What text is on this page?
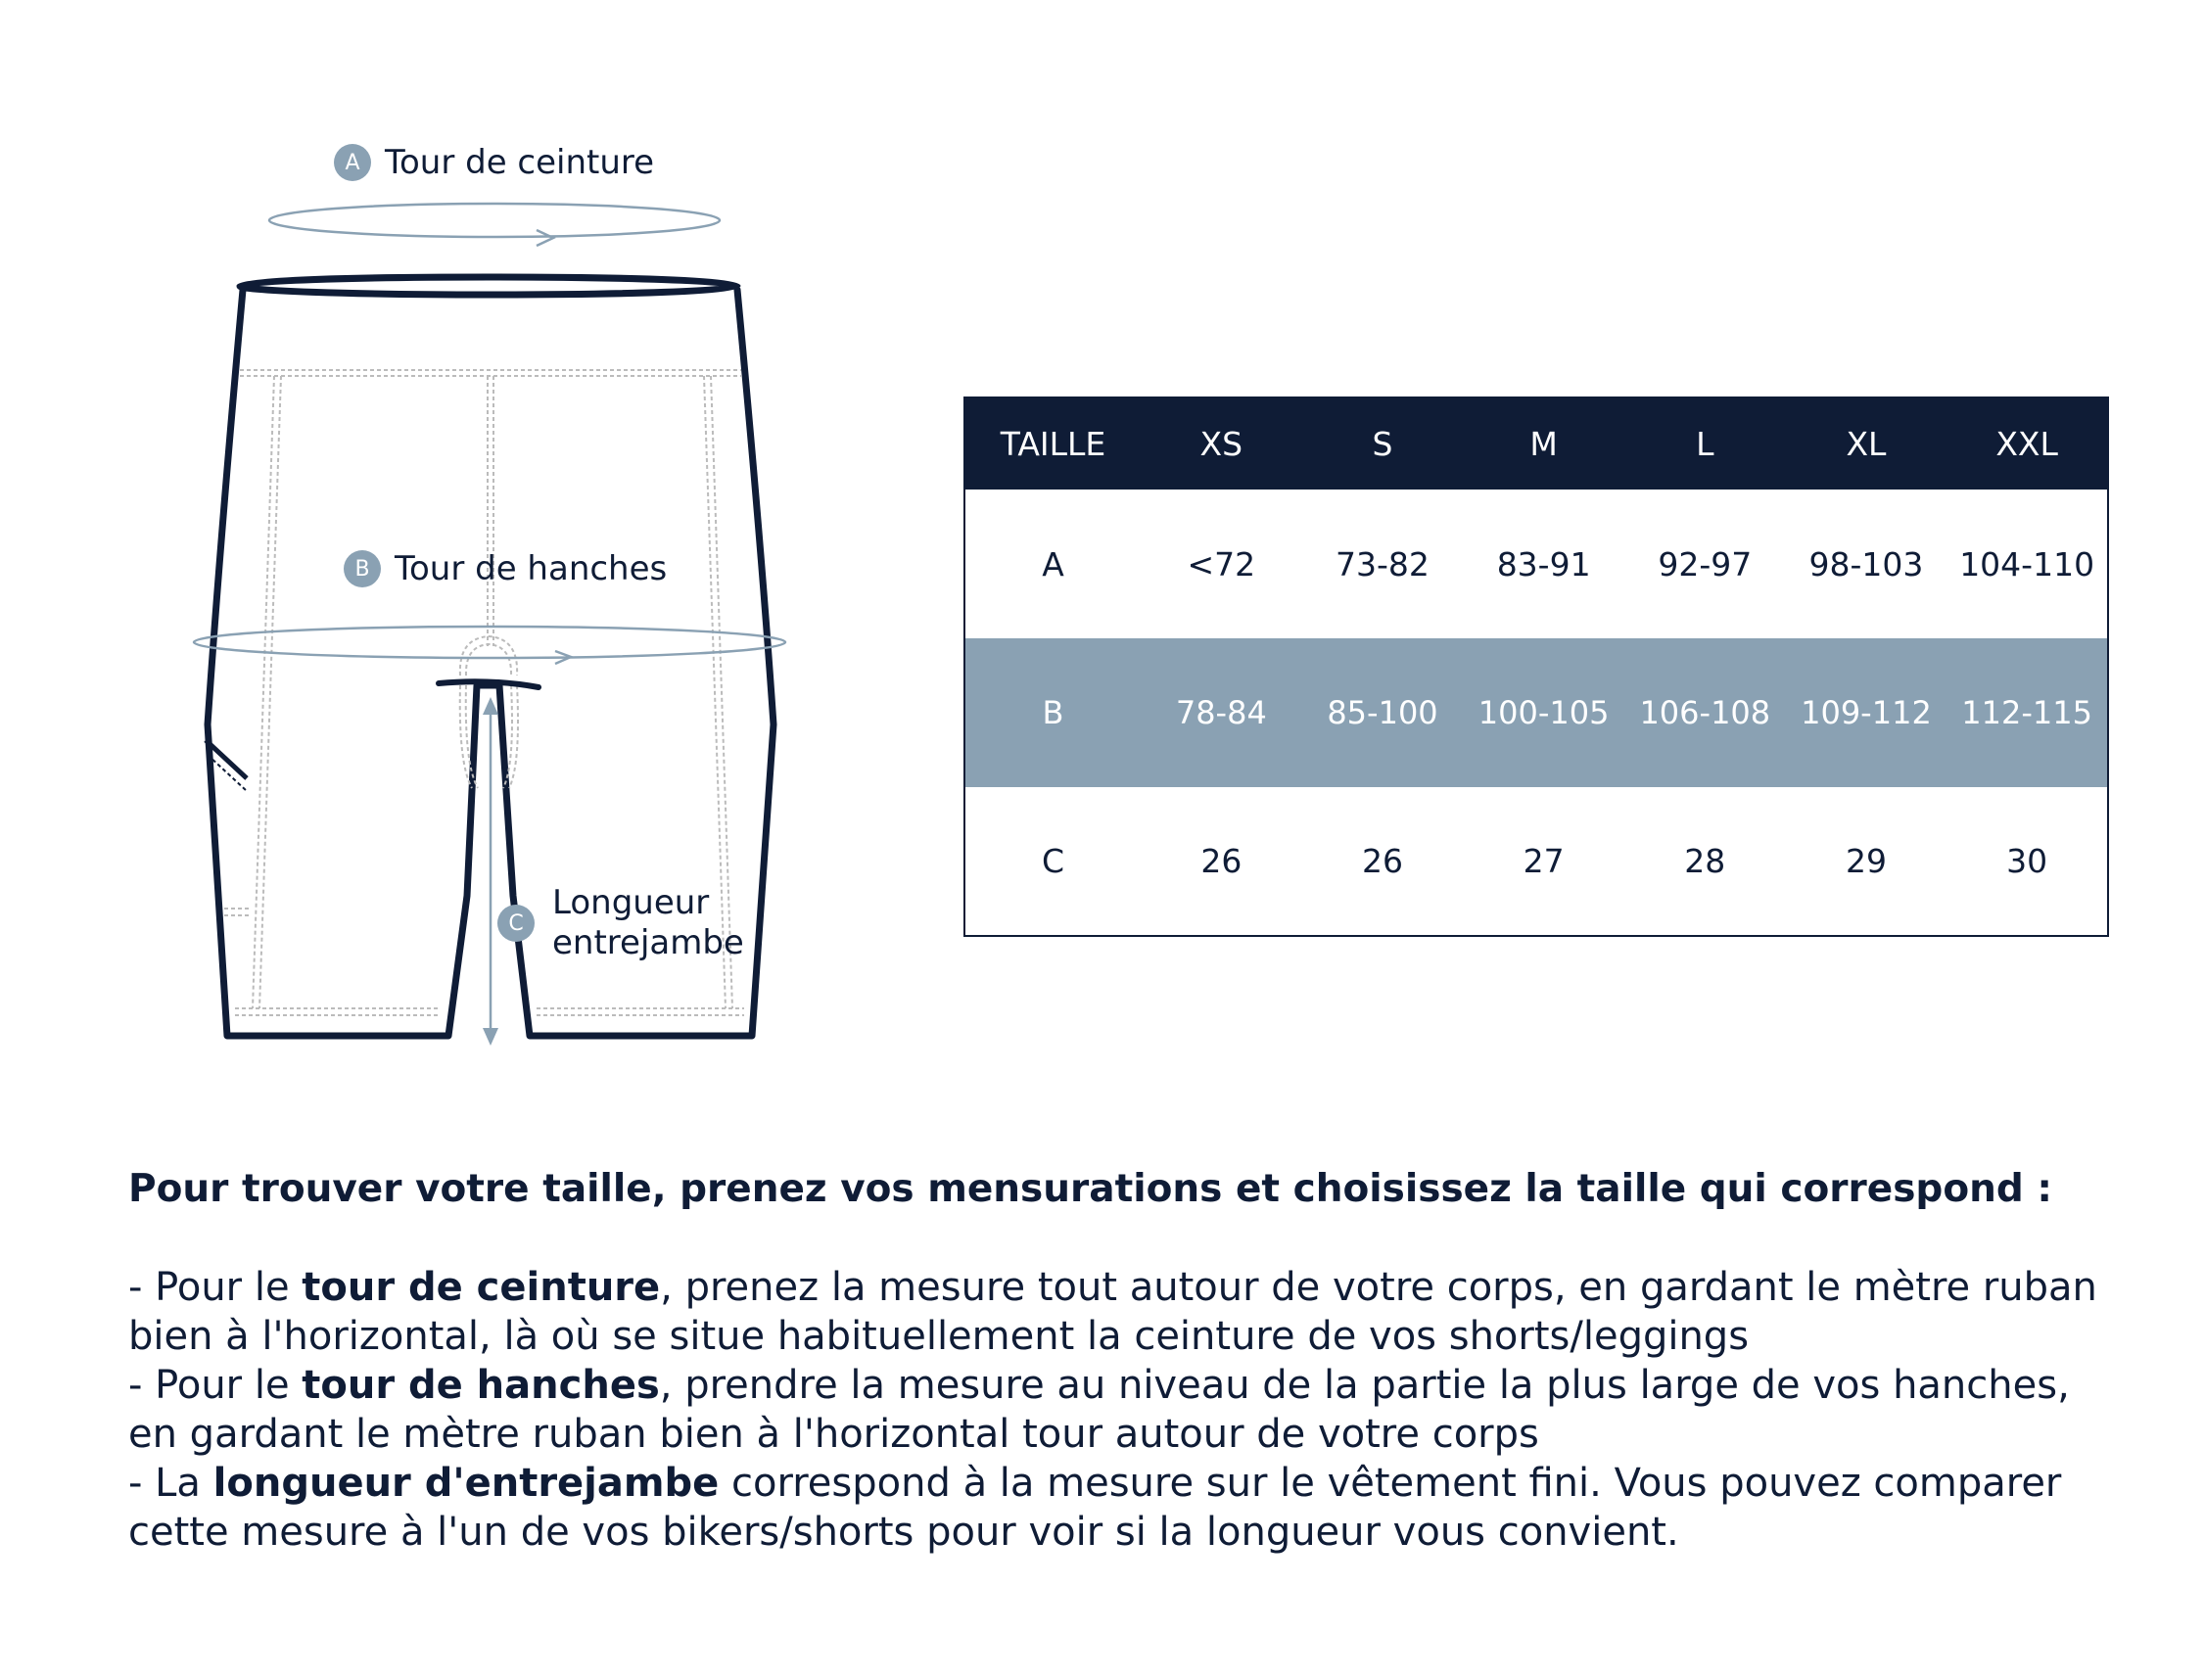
A Tour de ceinture
B Tour de hanches
C
Longueur
entrejambe
TAILLE	XS	S	M	L	XL	XXL
A	<72	73-82	83-91	92-97	98-103	104-110
B	78-84	85-100	100-105	106-108	109-112	112-115
C	26	26	27	28	29	30

Pour trouver votre taille, prenez vos mensurations et choisissez la taille qui correspond :

- Pour le tour de ceinture, prenez la mesure tout autour de votre corps, en gardant le mètre ruban bien à l'horizontal, là où se situe habituellement la ceinture de vos shorts/leggings

- Pour le tour de hanches, prendre la mesure au niveau de la partie la plus large de vos hanches, en gardant le mètre ruban bien à l'horizontal tour autour de votre corps

- La longueur d'entrejambe correspond à la mesure sur le vêtement fini. Vous pouvez comparer cette mesure à l'un de vos bikers/shorts pour voir si la longueur vous convient.
